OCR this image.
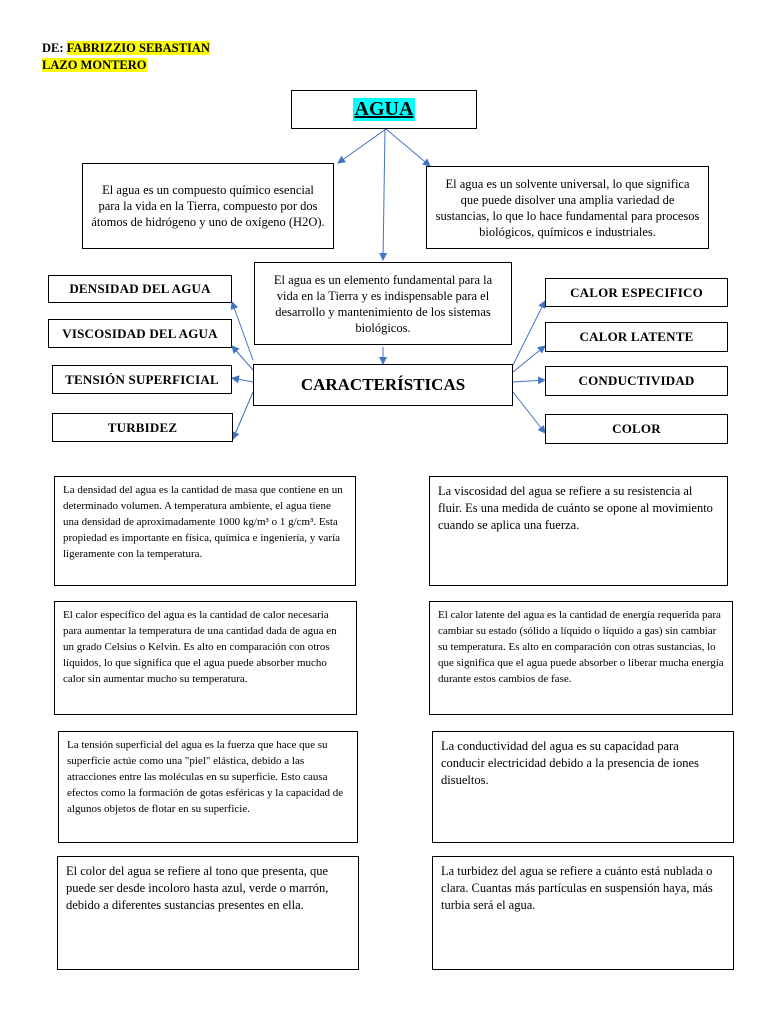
DE: FABRIZZIO SEBASTIAN
LAZO MONTERO
AGUA
El agua es un compuesto químico esencial para la vida en la Tierra, compuesto por dos átomos de hidrógeno y uno de oxígeno (H2O).
El agua es un solvente universal, lo que significa que puede disolver una amplia variedad de sustancias, lo que lo hace fundamental para procesos biológicos, químicos e industriales.
El agua es un elemento fundamental para la vida en la Tierra y es indispensable para el desarrollo y mantenimiento de los sistemas biológicos.
CARACTERÍSTICAS
DENSIDAD DEL AGUA
VISCOSIDAD DEL AGUA
TENSIÓN SUPERFICIAL
TURBIDEZ
CALOR ESPECIFICO
CALOR LATENTE
CONDUCTIVIDAD
COLOR
La densidad del agua es la cantidad de masa que contiene en un determinado volumen. A temperatura ambiente, el agua tiene una densidad de aproximadamente 1000 kg/m³ o 1 g/cm³. Esta propiedad es importante en física, química e ingeniería, y varía ligeramente con la temperatura.
La viscosidad del agua se refiere a su resistencia al fluir. Es una medida de cuánto se opone al movimiento cuando se aplica una fuerza.
El calor específico del agua es la cantidad de calor necesaria para aumentar la temperatura de una cantidad dada de agua en un grado Celsius o Kelvin. Es alto en comparación con otros líquidos, lo que significa que el agua puede absorber mucho calor sin aumentar mucho su temperatura.
El calor latente del agua es la cantidad de energía requerida para cambiar su estado (sólido a líquido o líquido a gas) sin cambiar su temperatura. Es alto en comparación con otras sustancias, lo que significa que el agua puede absorber o liberar mucha energía durante estos cambios de fase.
La tensión superficial del agua es la fuerza que hace que su superficie actúe como una "piel" elástica, debido a las atracciones entre las moléculas en su superficie. Esto causa efectos como la formación de gotas esféricas y la capacidad de algunos objetos de flotar en su superficie.
La conductividad del agua es su capacidad para conducir electricidad debido a la presencia de iones disueltos.
El color del agua se refiere al tono que presenta, que puede ser desde incoloro hasta azul, verde o marrón, debido a diferentes sustancias presentes en ella.
La turbidez del agua se refiere a cuánto está nublada o clara. Cuantas más partículas en suspensión haya, más turbia será el agua.
